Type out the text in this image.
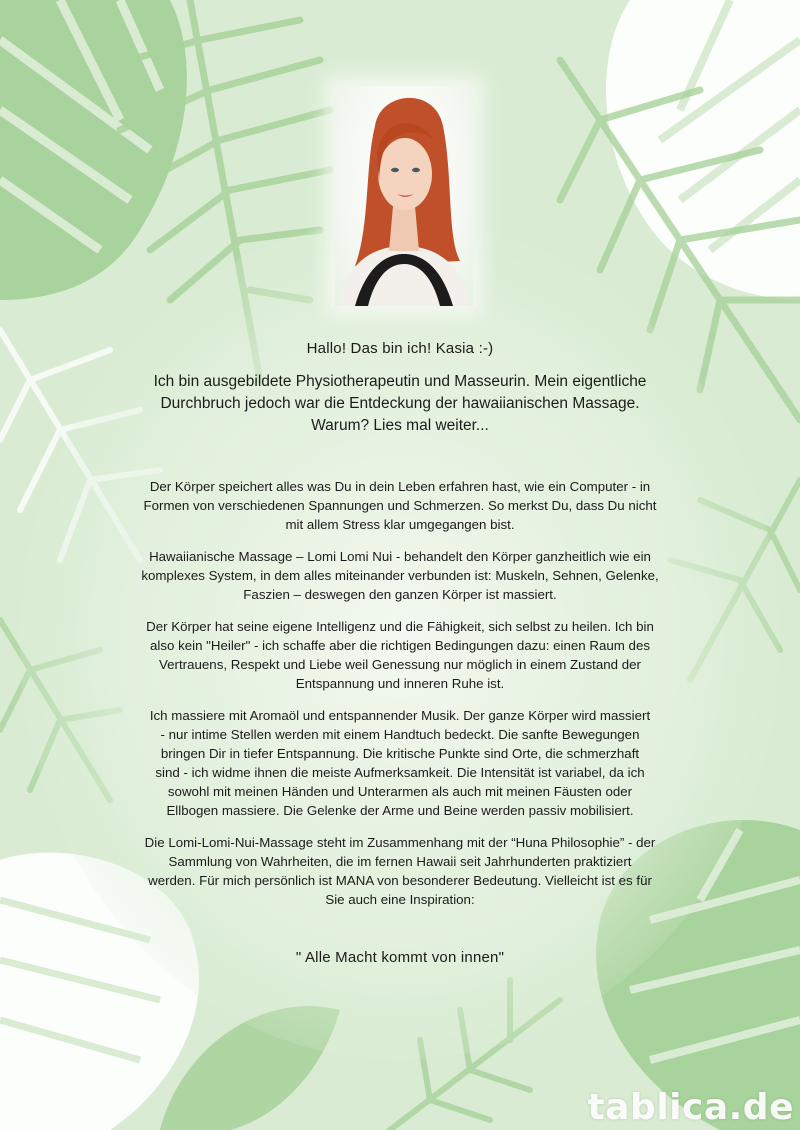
Hallo! Das bin ich! Kasia :-)

Ich bin ausgebildete Physiotherapeutin und Masseurin. Mein eigentliche
Durchbruch jedoch war die Entdeckung der hawaiianischen Massage.
Warum? Lies mal weiter...

Der Körper speichert alles was Du in dein Leben erfahren hast, wie ein Computer - in
Formen von verschiedenen Spannungen und Schmerzen. So merkst Du, dass Du nicht
mit allem Stress klar umgegangen bist.

Hawaiianische Massage – Lomi Lomi Nui - behandelt den Körper ganzheitlich wie ein
komplexes System, in dem alles miteinander verbunden ist: Muskeln, Sehnen, Gelenke,
Faszien – deswegen den ganzen Körper ist massiert.

Der Körper hat seine eigene Intelligenz und die Fähigkeit, sich selbst zu heilen. Ich bin
also kein "Heiler" - ich schaffe aber die richtigen Bedingungen dazu: einen Raum des
Vertrauens, Respekt und Liebe weil Genessung nur möglich in einem Zustand der
Entspannung und inneren Ruhe ist.

Ich massiere mit Aromaöl und entspannender Musik. Der ganze Körper wird massiert
- nur intime Stellen werden mit einem Handtuch bedeckt. Die sanfte Bewegungen
bringen Dir in tiefer Entspannung. Die kritische Punkte sind Orte, die schmerzhaft
sind - ich widme ihnen die meiste Aufmerksamkeit. Die Intensität ist variabel, da ich
sowohl mit meinen Händen und Unterarmen als auch mit meinen Fäusten oder
Ellbogen massiere. Die Gelenke der Arme und Beine werden passiv mobilisiert.

Die Lomi-Lomi-Nui-Massage steht im Zusammenhang mit der “Huna Philosophie” - der
Sammlung von Wahrheiten, die im fernen Hawaii seit Jahrhunderten praktiziert
werden. Für mich persönlich ist MANA von besonderer Bedeutung. Vielleicht ist es für
Sie auch eine Inspiration:

" Alle Macht kommt von innen"

tablica.de
